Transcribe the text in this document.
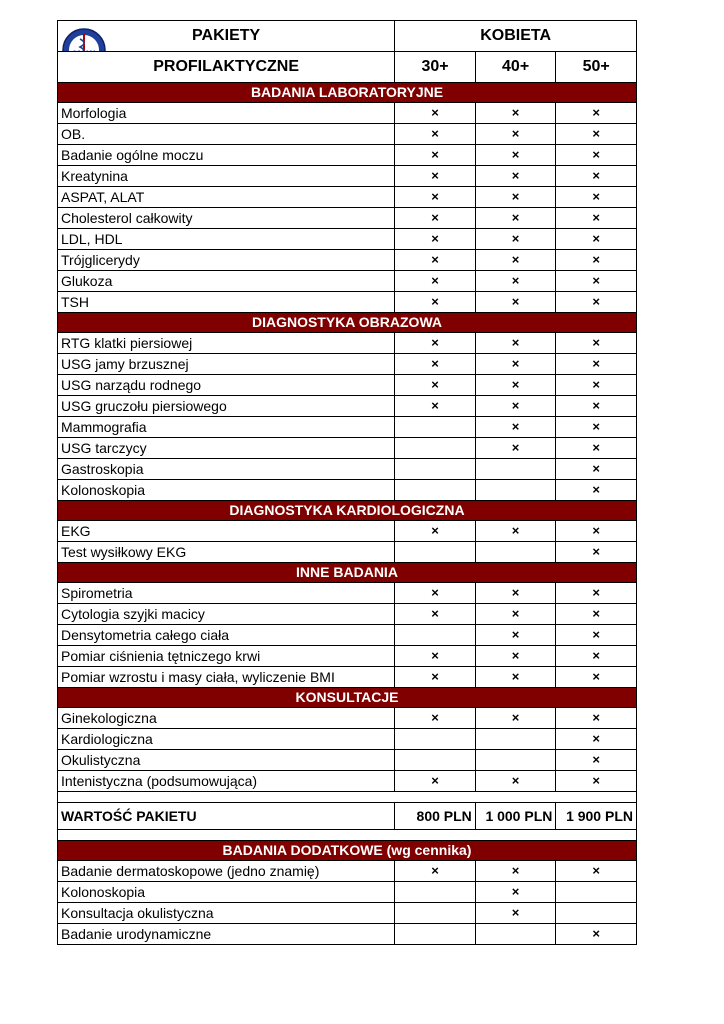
MSW
PAKIETY	KOBIETA		
PROFILAKTYCZNE	30+	40+	50+
BADANIA LABORATORYJNE			
Morfologia	×	×	×
OB.	×	×	×
Badanie ogólne moczu	×	×	×
Kreatynina	×	×	×
ASPAT, ALAT	×	×	×
Cholesterol całkowity	×	×	×
LDL, HDL	×	×	×
Trójglicerydy	×	×	×
Glukoza	×	×	×
TSH	×	×	×
DIAGNOSTYKA OBRAZOWA			
RTG klatki piersiowej	×	×	×
USG jamy brzusznej	×	×	×
USG narządu rodnego	×	×	×
USG gruczołu piersiowego	×	×	×
Mammografia		×	×
USG tarczycy		×	×
Gastroskopia			×
Kolonoskopia			×
DIAGNOSTYKA KARDIOLOGICZNA			
EKG	×	×	×
Test wysiłkowy EKG			×
INNE BADANIA			
Spirometria	×	×	×
Cytologia szyjki macicy	×	×	×
Densytometria całego ciała		×	×
Pomiar ciśnienia tętniczego krwi	×	×	×
Pomiar wzrostu i masy ciała, wyliczenie BMI	×	×	×
KONSULTACJE			
Ginekologiczna	×	×	×
Kardiologiczna			×
Okulistyczna			×
Intenistyczna (podsumowująca)	×	×	×

WARTOŚĆ PAKIETU	800 PLN	1 000 PLN	1 900 PLN

BADANIA DODATKOWE (wg cennika)			
Badanie dermatoskopowe (jedno znamię)	×	×	×
Kolonoskopia		×	
Konsultacja okulistyczna		×	
Badanie urodynamiczne			×
